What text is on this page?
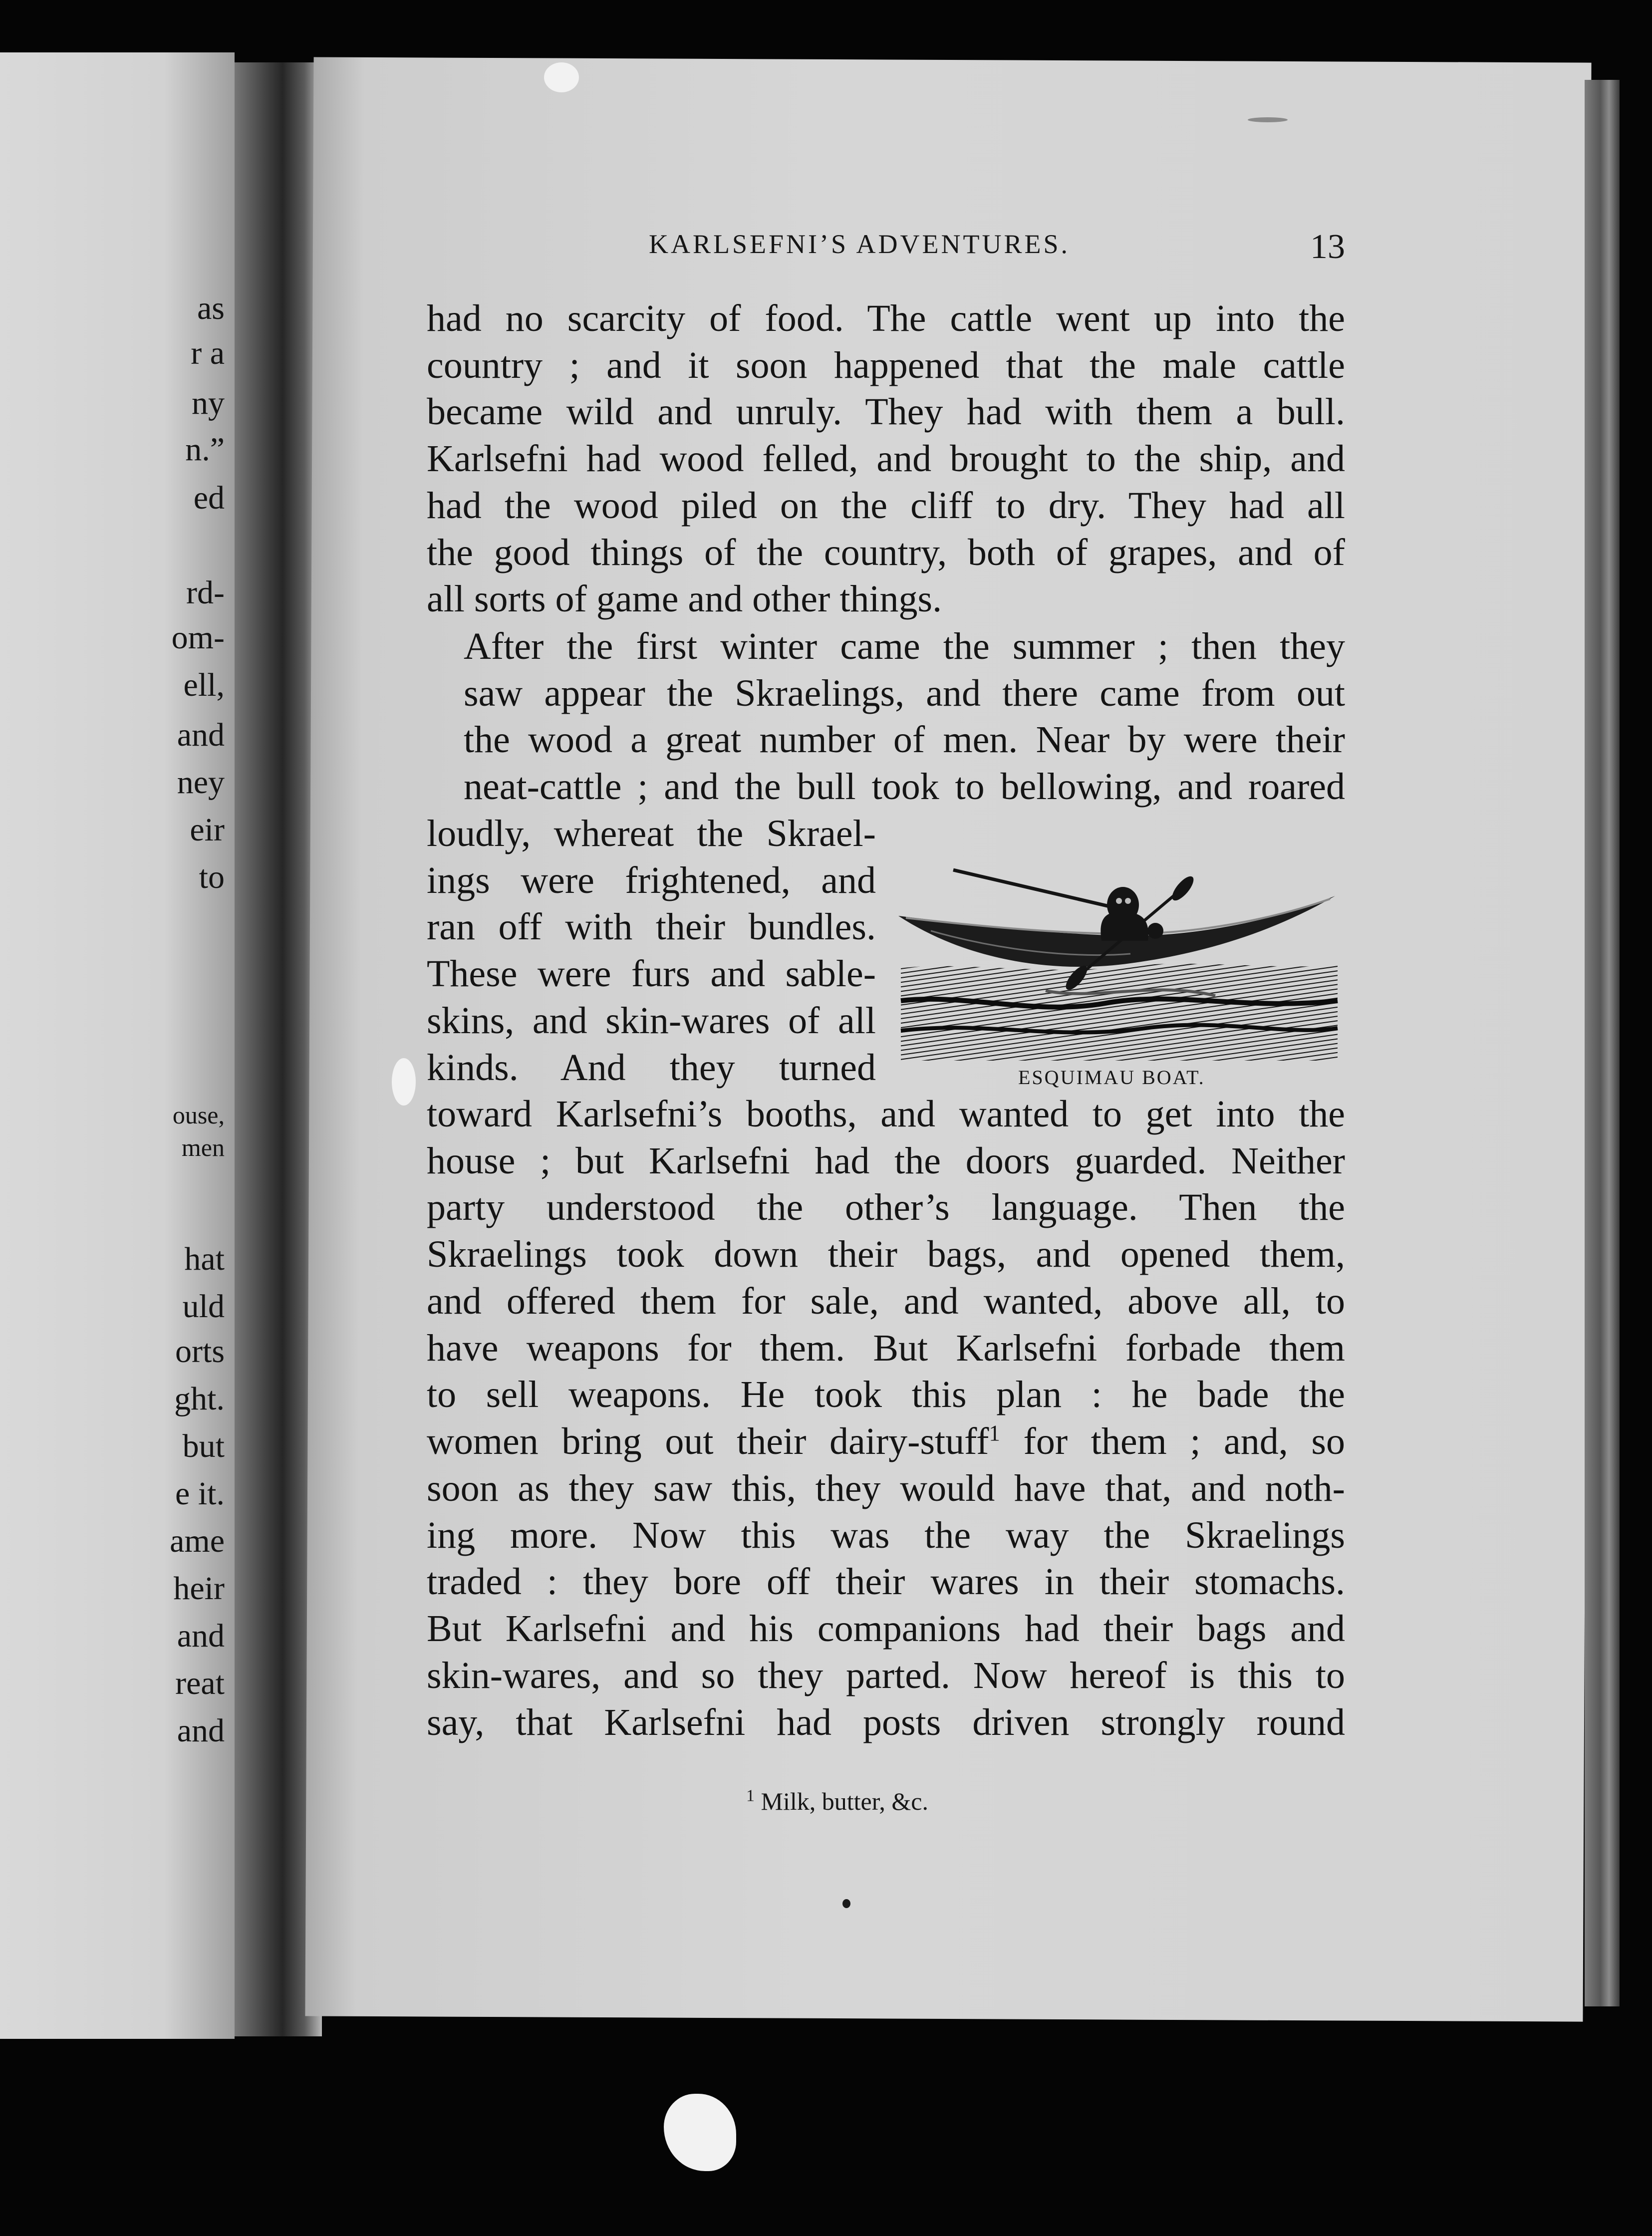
as

r a

ny

n.”

ed

rd-

om-

ell,

and

ney

eir

to

ouse,

men

hat

uld

orts

ght.

but

e it.

ame

heir

and

reat

and

KARLSEFNI’S ADVENTURES.	13

had no scarcity of food. The cattle went up into the
country ; and it soon happened that the male cattle
became wild and unruly. They had with them a bull.
Karlsefni had wood felled, and brought to the ship, and
had the wood piled on the cliff to dry. They had all
the good things of the country, both of grapes, and of
all sorts of game and other things.
After the first winter came the summer ; then they
saw appear the Skraelings, and there came from out
the wood a great number of men. Near by were their
neat-cattle ; and the bull took to bellowing, and roared
loudly, whereat the Skrael-
ings were frightened, and
ran off with their bundles.
These were furs and sable-
skins, and skin-wares of all
kinds. And they turned
toward Karlsefni’s booths, and wanted to get into the
house ; but Karlsefni had the doors guarded. Neither
party understood the other’s language. Then the
Skraelings took down their bags, and opened them,
and offered them for sale, and wanted, above all, to
have weapons for them. But Karlsefni forbade them
to sell weapons. He took this plan : he bade the
women bring out their dairy-stuff$^1$ for them ; and, so
soon as they saw this, they would have that, and noth-
ing more. Now this was the way the Skraelings
traded : they bore off their wares in their stomachs.
But Karlsefni and his companions had their bags and
skin-wares, and so they parted. Now hereof is this to
say, that Karlsefni had posts driven strongly round

ESQUIMAU BOAT.

$^1$ Milk, butter, &c.
